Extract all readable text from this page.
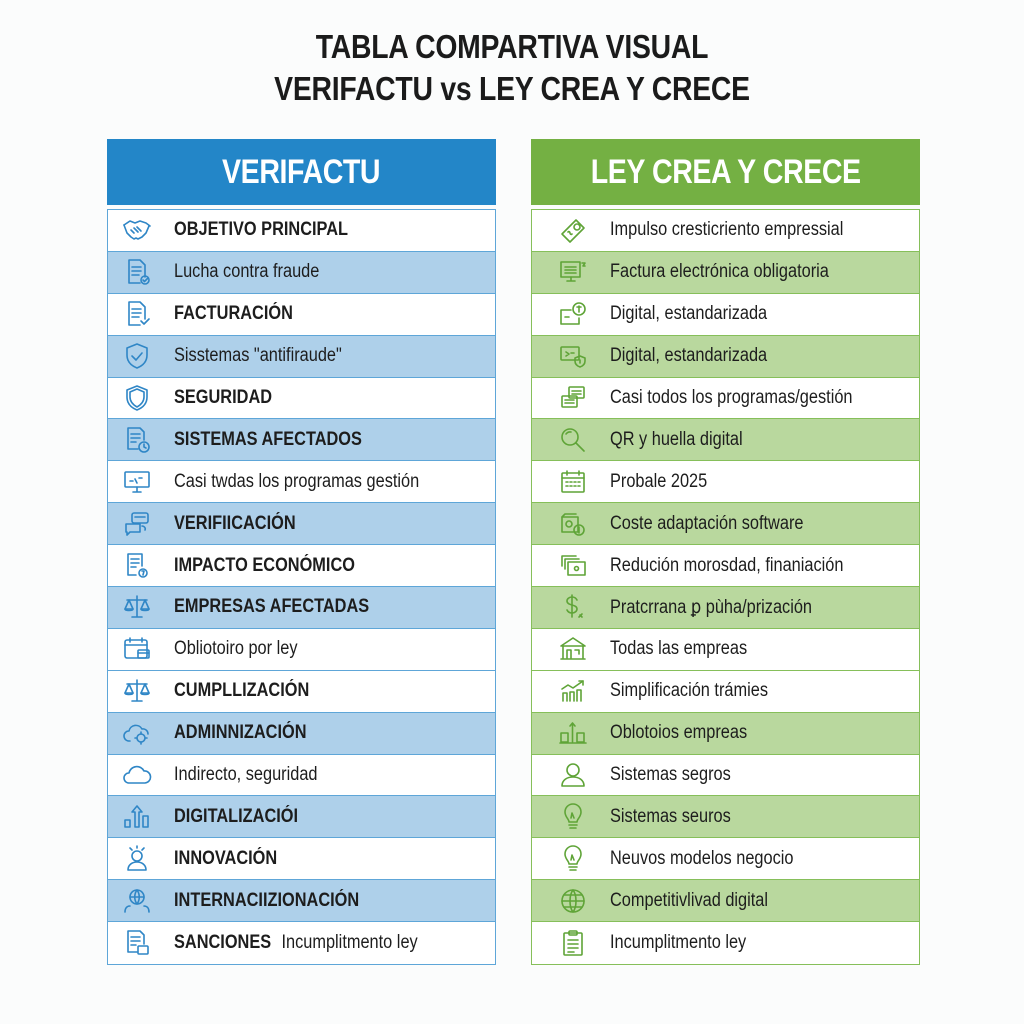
TABLA COMPARTIVA VISUAL
VERIFACTU vs LEY CREA Y CRECE
VERIFACTU
OBJETIVO PRINCIPAL
Lucha contra fraude
FACTURACIÓN
Sisstemas "antifiraude"
SEGURIDAD
SISTEMAS AFECTADOS
Casi twdas los programas gestión
VERIFIICACIÓN
IMPACTO ECONÓMICO
EMPRESAS AFECTADAS
Obliotoiro por ley
CUMPLLIZACIÓN
ADMINNIZACIÓN
Indirecto, seguridad
DIGITALIZACIÓI
INNOVACIÓN
INTERNACIIZIONACIÓN
SANCIONES Incumplitmento ley
LEY CREA Y CRECE
Impulso cresticriento empressial
Factura electrónica obligatoria
Digital, estandarizada
Digital, estandarizada
Casi todos los programas/gestión
QR y huella digital
Probale 2025
Coste adaptación software
Redución morosdad, finaniación
Pratcrrana ꝑ pùha/prización
Todas las empreas
Simplificación trámies
Oblotoios empreas
Sistemas segros
Sistemas seuros
Neuvos modelos negocio
Competitivlivad digital
Incumplitmento ley
